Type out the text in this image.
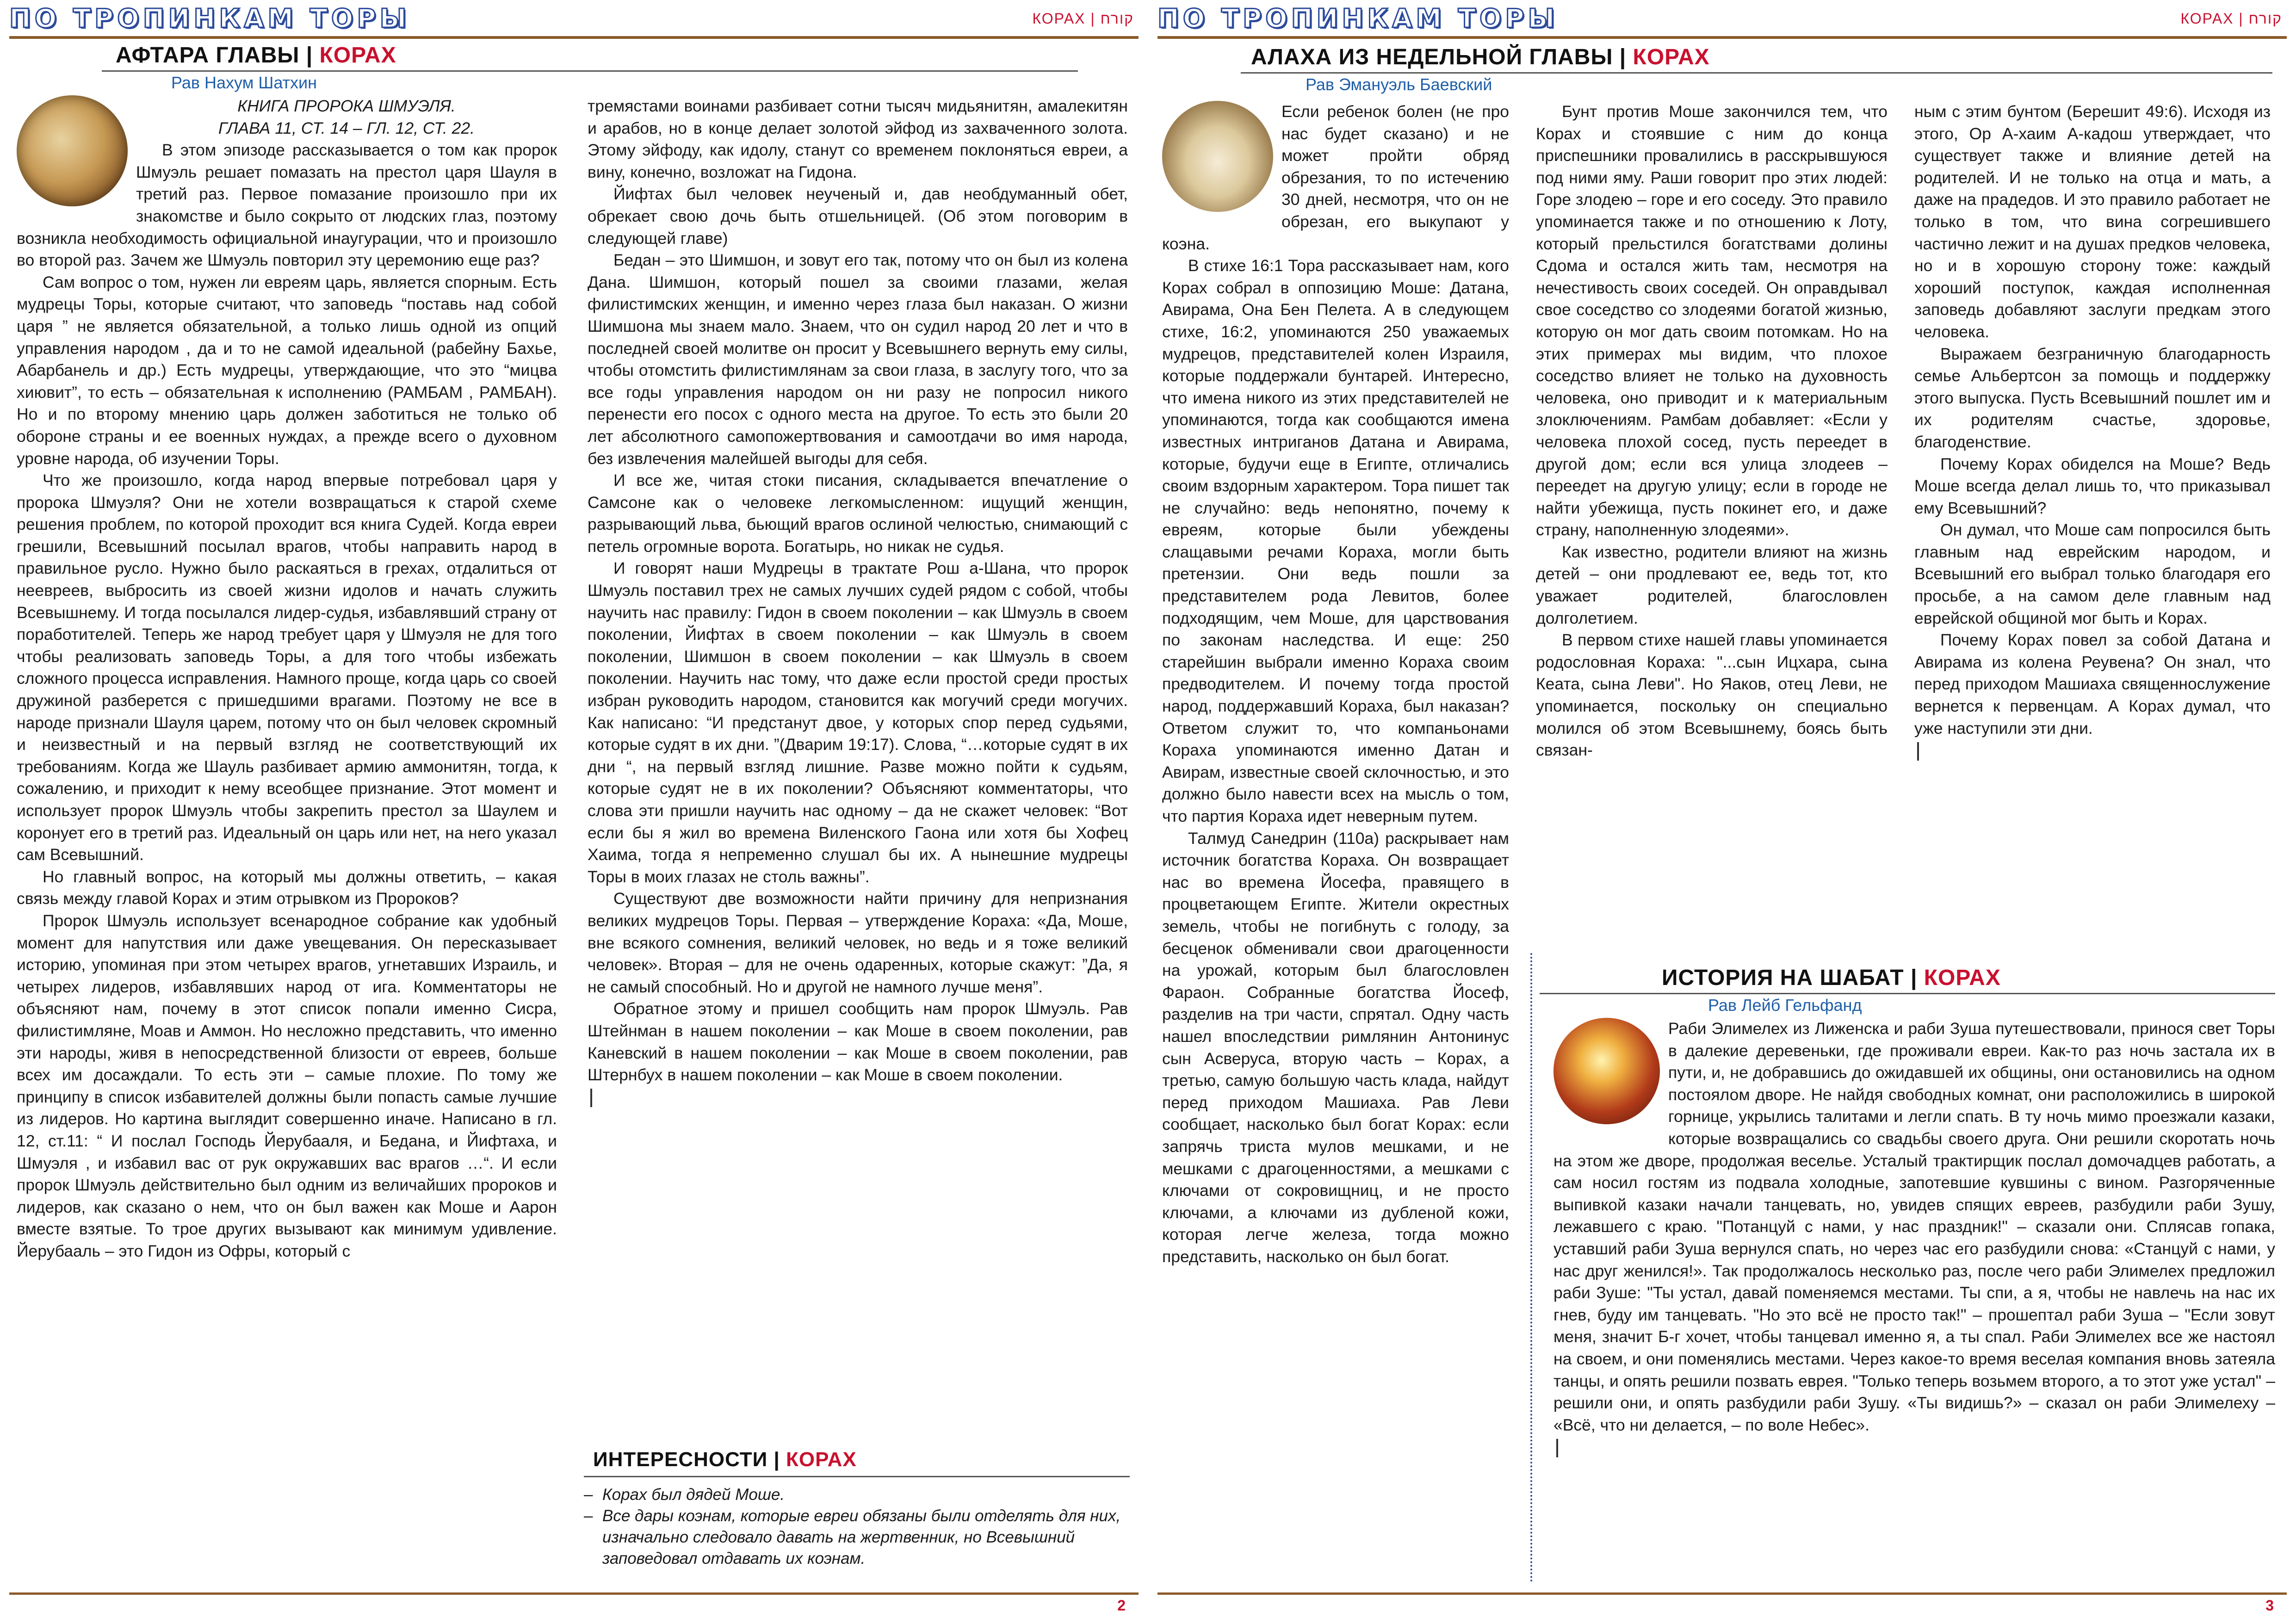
ПО ТРОПИНКАМ ТОРЫ	КОРАХ | קורח
АФТАРА ГЛАВЫ | КОРАХ
Рав Нахум Шатхин

КНИГА ПРОРОКА ШМУЭЛЯ.

ГЛАВА 11, СТ. 14 – ГЛ. 12, СТ. 22.

В этом эпизоде рассказывается о том как пророк Шмуэль решает помазать на престол царя Шауля в третий раз. Первое помазание произошло при их знакомстве и было сокрыто от людских глаз, поэтому возникла необходимость официальной инаугурации, что и произошло во второй раз. Зачем же Шмуэль повторил эту церемонию еще раз?

Сам вопрос о том, нужен ли евреям царь, является спорным. Есть мудрецы Торы, которые считают, что заповедь “поставь над собой царя ” не является обязательной, а только лишь одной из опций управления народом , да и то не самой идеальной (рабейну Бахье, Абарбанель и др.) Есть мудрецы, утверждающие, что это “мицва хиювит”, то есть – обязательная к исполнению (РАМБАМ , РАМБАН). Но и по второму мнению царь должен заботиться не только об обороне страны и ее военных нуждах, а прежде всего о духовном уровне народа, об изучении Торы.

Что же произошло, когда народ впервые потребовал царя у пророка Шмуэля? Они не хотели возвращаться к старой схеме решения проблем, по которой проходит вся книга Судей. Когда евреи грешили, Всевышний посылал врагов, чтобы направить народ в правильное русло. Нужно было раскаяться в грехах, отдалиться от неевреев, выбросить из своей жизни идолов и начать служить Всевышнему. И тогда посылался лидер-судья, избавлявший страну от поработителей. Теперь же народ требует царя у Шмуэля не для того чтобы реализовать заповедь Торы, а для того чтобы избежать сложного процесса исправления. Намного проще, когда царь со своей дружиной разберется с пришедшими врагами. Поэтому не все в народе признали Шауля царем, потому что он был человек скромный и неизвестный и на первый взгляд не соответствующий их требованиям. Когда же Шауль разбивает армию аммонитян, тогда, к сожалению, и приходит к нему всеобщее признание. Этот момент и использует пророк Шмуэль чтобы закрепить престол за Шаулем и коронует его в третий раз. Идеальный он царь или нет, на него указал сам Всевышний.

Но главный вопрос, на который мы должны ответить, – какая связь между главой Корах и этим отрывком из Пророков?

Пророк Шмуэль использует всенародное собрание как удобный момент для напутствия или даже увещевания. Он пересказывает историю, упоминая при этом четырех врагов, угнетавших Израиль, и четырех лидеров, избавлявших народ от ига. Комментаторы не объясняют нам, почему в этот список попали именно Сисра, филистимляне, Моав и Аммон. Но несложно представить, что именно эти народы, живя в непосредственной близости от евреев, больше всех им досаждали. То есть эти – самые плохие. По тому же принципу в список избавителей должны были попасть самые лучшие из лидеров. Но картина выглядит совершенно иначе. Написано в гл. 12, ст.11: “ И послал Господь Йерубааля, и Бедана, и Йифтаха, и Шмуэля , и избавил вас от рук окружавших вас врагов …“. И если пророк Шмуэль действительно был одним из величайших пророков и лидеров, как сказано о нем, что он был важен как Моше и Аарон вместе взятые. То трое других вызывают как минимум удивление. Йерубааль – это Гидон из Офры, который с

тремястами воинами разбивает сотни тысяч мидьянитян, амалекитян и арабов, но в конце делает золотой эйфод из захваченного золота. Этому эйфоду, как идолу, станут со временем поклоняться евреи, а вину, конечно, возложат на Гидона.

Йифтах был человек неученый и, дав необдуманный обет, обрекает свою дочь быть отшельницей. (Об этом поговорим в следующей главе)

Бедан – это Шимшон, и зовут его так, потому что он был из колена Дана. Шимшон, который пошел за своими глазами, желая филистимских женщин, и именно через глаза был наказан. О жизни Шимшона мы знаем мало. Знаем, что он судил народ 20 лет и что в последней своей молитве он просит у Всевышнего вернуть ему силы, чтобы отомстить филистимлянам за свои глаза, в заслугу того, что за все годы управления народом он ни разу не попросил никого перенести его посох с одного места на другое. То есть это были 20 лет абсолютного самопожертвования и самоотдачи во имя народа, без извлечения малейшей выгоды для себя.

И все же, читая стоки писания, складывается впечатление о Самсоне как о человеке легкомысленном: ищущий женщин, разрывающий льва, бьющий врагов ослиной челюстью, снимающий с петель огромные ворота. Богатырь, но никак не судья.

И говорят наши Мудрецы в трактате Рош а-Шана, что пророк Шмуэль поставил трех не самых лучших судей рядом с собой, чтобы научить нас правилу: Гидон в своем поколении – как Шмуэль в своем поколении, Йифтах в своем поколении – как Шмуэль в своем поколении, Шимшон в своем поколении – как Шмуэль в своем поколении. Научить нас тому, что даже если простой среди простых избран руководить народом, становится как могучий среди могучих. Как написано: “И предстанут двое, у которых спор перед судьями, которые судят в их дни. ”(Дварим 19:17). Слова, “…которые судят в их дни “, на первый взгляд лишние. Разве можно пойти к судьям, которые судят не в их поколении? Объясняют комментаторы, что слова эти пришли научить нас одному – да не скажет человек: “Вот если бы я жил во времена Виленского Гаона или хотя бы Хофец Хаима, тогда я непременно слушал бы их. А нынешние мудрецы Торы в моих глазах не столь важны”.

Существуют две возможности найти причину для непризнания великих мудрецов Торы. Первая – утверждение Кораха: «Да, Моше, вне всякого сомнения, великий человек, но ведь и я тоже великий человек». Вторая – для не очень одаренных, которые скажут: ”Да, я не самый способный. Но и другой не намного лучше меня”.

Обратное этому и пришел сообщить нам пророк Шмуэль. Рав Штейнман в нашем поколении – как Моше в своем поколении, рав Каневский в нашем поколении – как Моше в своем поколении, рав Штернбух в нашем поколении – как Моше в своем поколении.

ИНТЕРЕСНОСТИ | КОРАХ
– Корах был дядей Моше.
– Все дары коэнам, которые евреи обязаны были отделять для них, изначально следовало давать на жертвенник, но Всевышний заповедовал отдавать их коэнам.
2
ПО ТРОПИНКАМ ТОРЫ	КОРАХ | קורח
АЛАХА ИЗ НЕДЕЛЬНОЙ ГЛАВЫ | КОРАХ
Рав Эмануэль Баевский

Если ребенок болен (не про нас будет сказано) и не может пройти обряд обрезания, то по истечению 30 дней, несмотря, что он не обрезан, его выкупают у коэна.

В стихе 16:1 Тора рассказывает нам, кого Корах собрал в оппозицию Моше: Датана, Авирама, Она Бен Пелета. А в следующем стихе, 16:2, упоминаются 250 уважаемых мудрецов, представителей колен Израиля, которые поддержали бунтарей. Интересно, что имена никого из этих представителей не упоминаются, тогда как сообщаются имена известных интриганов Датана и Авирама, которые, будучи еще в Египте, отличались своим вздорным характером. Тора пишет так не случайно: ведь непонятно, почему к евреям, которые были убеждены слащавыми речами Кораха, могли быть претензии. Они ведь пошли за представителем рода Левитов, более подходящим, чем Моше, для царствования по законам наследства. И еще: 250 старейшин выбрали именно Кораха своим предводителем. И почему тогда простой народ, поддержавший Кораха, был наказан? Ответом служит то, что компаньонами Кораха упоминаются именно Датан и Авирам, известные своей склочностью, и это должно было навести всех на мысль о том, что партия Кораха идет неверным путем.

Талмуд Санедрин (110а) раскрывает нам источник богатства Кораха. Он возвращает нас во времена Йосефа, правящего в процветающем Египте. Жители окрестных земель, чтобы не погибнуть с голоду, за бесценок обменивали свои драгоценности на урожай, которым был благословлен Фараон. Собранные богатства Йосеф, разделив на три части, спрятал. Одну часть нашел впоследствии римлянин Антонинус сын Асверуса, вторую часть – Корах, а третью, самую большую часть клада, найдут перед приходом Машиаха. Рав Леви сообщает, насколько был богат Корах: если запрячь триста мулов мешками, и не мешками с драгоценностями, а мешками с ключами от сокровищниц, и не просто ключами, а ключами из дубленой кожи, которая легче железа, тогда можно представить, насколько он был богат.

Бунт против Моше закончился тем, что Корах и стоявшие с ним до конца приспешники провалились в расскрывшуюся под ними яму. Раши говорит про этих людей: Горе злодею – горе и его соседу. Это правило упоминается также и по отношению к Лоту, который прельстился богатствами долины Сдома и остался жить там, несмотря на нечестивость своих соседей. Он оправдывал свое соседство со злодеями богатой жизнью, которую он мог дать своим потомкам. Но на этих примерах мы видим, что плохое соседство влияет не только на духовность человека, оно приводит и к материальным злоключениям. Рамбам добавляет: «Если у человека плохой сосед, пусть переедет в другой дом; если вся улица злодеев – переедет на другую улицу; если в городе не найти убежища, пусть покинет его, и даже страну, наполненную злодеями».

Как известно, родители влияют на жизнь детей – они продлевают ее, ведь тот, кто уважает родителей, благословлен долголетием.

В первом стихе нашей главы упоминается родословная Кораха: "...сын Ицхара, сына Кеата, сына Леви". Но Яаков, отец Леви, не упоминается, поскольку он специально молился об этом Всевышнему, боясь быть связан-

ным с этим бунтом (Берешит 49:6). Исходя из этого, Ор А-хаим А-кадош утверждает, что существует также и влияние детей на родителей. И не только на отца и мать, а даже на прадедов. И это правило работает не только в том, что вина согрешившего частично лежит и на душах предков человека, но и в хорошую сторону тоже: каждый хороший поступок, каждая исполненная заповедь добавляют заслуги предкам этого человека.

Выражаем безграничную благодарность семье Альбертсон за помощь и поддержку этого выпуска. Пусть Всевышний пошлет им и их родителям счастье, здоровье, благоденствие.

Почему Корах обиделся на Моше? Ведь Моше всегда делал лишь то, что приказывал ему Всевышний?

Он думал, что Моше сам попросился быть главным над еврейским народом, и Всевышний его выбрал только благодаря его просьбе, а на самом деле главным над еврейской общиной мог быть и Корах.

Почему Корах повел за собой Датана и Авирама из колена Реувена? Он знал, что перед приходом Машиаха священнослужение вернется к первенцам. А Корах думал, что уже наступили эти дни.

ИСТОРИЯ НА ШАБАТ | КОРАХ
Рав Лейб Гельфанд

Раби Элимелех из Лиженска и раби Зуша путешествовали, принося свет Торы в далекие деревеньки, где проживали евреи. Как-то раз ночь застала их в пути, и, не добравшись до ожидавшей их общины, они остановились на одном постоялом дворе. Не найдя свободных комнат, они расположились в широкой горнице, укрылись талитами и легли спать. В ту ночь мимо проезжали казаки, которые возвращались со свадьбы своего друга. Они решили скоротать ночь на этом же дворе, продолжая веселье. Усталый трактирщик послал домочадцев работать, а сам носил гостям из подвала холодные, запотевшие кувшины с вином. Разгоряченные выпивкой казаки начали танцевать, но, увидев спящих евреев, разбудили раби Зушу, лежавшего с краю. "Потанцуй с нами, у нас праздник!" – сказали они. Сплясав гопака, уставший раби Зуша вернулся спать, но через час его разбудили снова: «Станцуй с нами, у нас друг женился!». Так продолжалось несколько раз, после чего раби Элимелех предложил раби Зуше: "Ты устал, давай поменяемся местами. Ты спи, а я, чтобы не навлечь на нас их гнев, буду им танцевать. "Но это всё не просто так!" – прошептал раби Зуша – "Если зовут меня, значит Б-г хочет, чтобы танцевал именно я, а ты спал. Раби Элимелех все же настоял на своем, и они поменялись местами. Через какое-то время веселая компания вновь затеяла танцы, и опять решили позвать еврея. "Только теперь возьмем второго, а то этот уже устал" – решили они, и опять разбудили раби Зушу. «Ты видишь?» – сказал он раби Элимелеху – «Всё, что ни делается, – по воле Небес».

3
